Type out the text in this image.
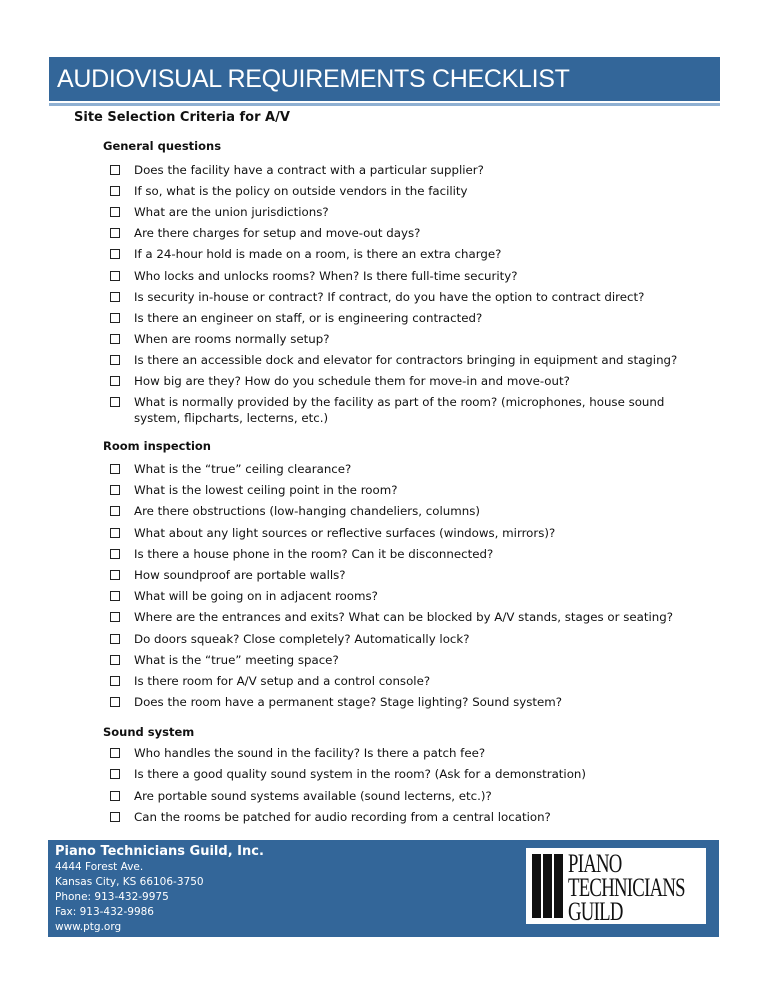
AUDIOVISUAL REQUIREMENTS CHECKLIST
Site Selection Criteria for A/V
General questions
Does the facility have a contract with a particular supplier?
If so, what is the policy on outside vendors in the facility
What are the union jurisdictions?
Are there charges for setup and move-out days?
If a 24-hour hold is made on a room, is there an extra charge?
Who locks and unlocks rooms? When? Is there full-time security?
Is security in-house or contract? If contract, do you have the option to contract direct?
Is there an engineer on staff, or is engineering contracted?
When are rooms normally setup?
Is there an accessible dock and elevator for contractors bringing in equipment and staging?
How big are they? How do you schedule them for move-in and move-out?
What is normally provided by the facility as part of the room? (microphones, house sound system, flipcharts, lecterns, etc.)
Room inspection
What is the “true” ceiling clearance?
What is the lowest ceiling point in the room?
Are there obstructions (low-hanging chandeliers, columns)
What about any light sources or reflective surfaces (windows, mirrors)?
Is there a house phone in the room? Can it be disconnected?
How soundproof are portable walls?
What will be going on in adjacent rooms?
Where are the entrances and exits? What can be blocked by A/V stands, stages or seating?
Do doors squeak? Close completely? Automatically lock?
What is the “true” meeting space?
Is there room for A/V setup and a control console?
Does the room have a permanent stage? Stage lighting? Sound system?
Sound system
Who handles the sound in the facility? Is there a patch fee?
Is there a good quality sound system in the room? (Ask for a demonstration)
Are portable sound systems available (sound lecterns, etc.)?
Can the rooms be patched for audio recording from a central location?
Piano Technicians Guild, Inc.
4444 Forest Ave.
Kansas City, KS 66106-3750
Phone: 913-432-9975
Fax: 913-432-9986
www.ptg.org
PIANO
TECHNICIANS
GUILD
